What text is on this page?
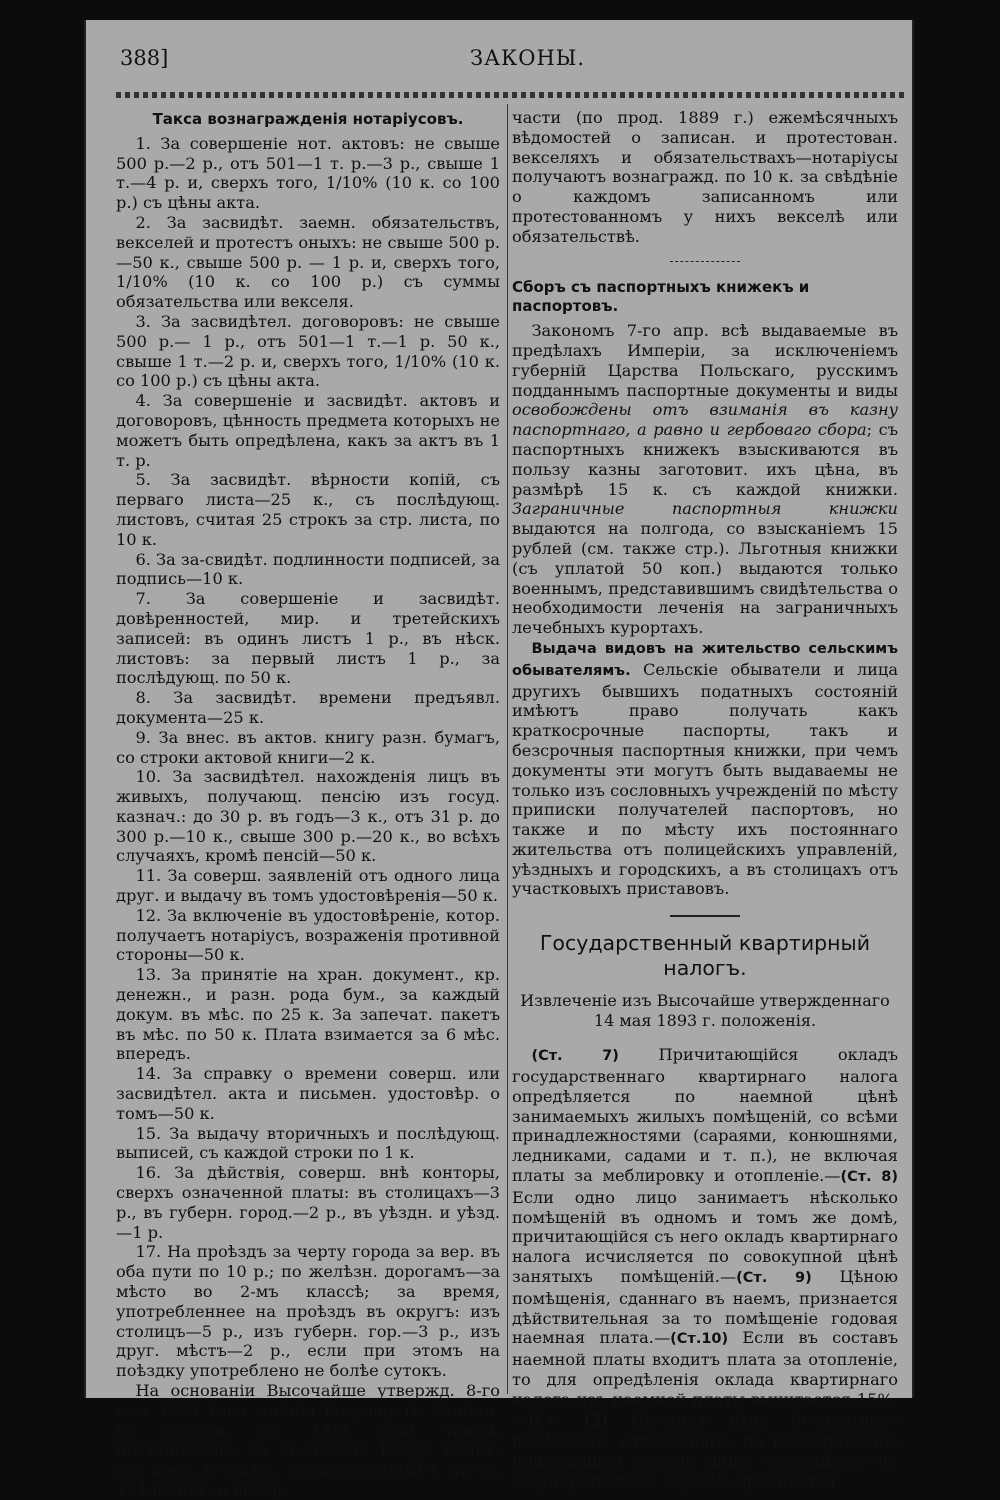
388]	ЗАКОНЫ.
Такса вознагражденія нотаріусовъ.

1. За совершеніе нот. актовъ: не свыше 500 р.—2 р., отъ 501—1 т. р.—3 р., свыше 1 т.—4 р. и, сверхъ того, 1/10% (10 к. со 100 р.) съ цѣны акта.

2. За засвидѣт. заемн. обязательствъ, векселей и протестъ оныхъ: не свыше 500 р.—50 к., свыше 500 р. — 1 р. и, сверхъ того, 1/10% (10 к. со 100 р.) съ суммы обязательства или векселя.

3. За засвидѣтел. договоровъ: не свыше 500 р.— 1 р., отъ 501—1 т.—1 р. 50 к., свыше 1 т.—2 р. и, сверхъ того, 1/10% (10 к. со 100 р.) съ цѣны акта.

4. За совершеніе и засвидѣт. актовъ и договоровъ, цѣнность предмета которыхъ не можетъ быть опредѣлена, какъ за актъ въ 1 т. р.

5. За засвидѣт. вѣрности копій, съ перваго листа—25 к., съ послѣдующ. листовъ, считая 25 строкъ за стр. листа, по 10 к.

6. За за-свидѣт. подлинности подписей, за подпись—10 к.

7. За совершеніе и засвидѣт. довѣренностей, мир. и третейскихъ записей: въ одинъ листъ 1 р., въ нѣск. листовъ: за первый листъ 1 р., за послѣдующ. по 50 к.

8. За засвидѣт. времени предъявл. документа—25 к.

9. За внес. въ актов. книгу разн. бумагъ, со строки актовой книги—2 к.

10. За засвидѣтел. нахожденія лицъ въ живыхъ, получающ. пенсію изъ госуд. казнач.: до 30 р. въ годъ—3 к., отъ 31 р. до 300 р.—10 к., свыше 300 р.—20 к., во всѣхъ случаяхъ, кромѣ пенсій—50 к.

11. За соверш. заявленій отъ одного лица друг. и выдачу въ томъ удостовѣренія—50 к.

12. За включеніе въ удостовѣреніе, котор. получаетъ нотаріусъ, возраженія противной стороны—50 к.

13. За принятіе на хран. документ., кр. денежн., и разн. рода бум., за каждый докум. въ мѣс. по 25 к. За запечат. пакетъ въ мѣс. по 50 к. Плата взимается за 6 мѣс. впередъ.

14. За справку о времени соверш. или засвидѣтел. акта и письмен. удостовѣр. о томъ—50 к.

15. За выдачу вторичныхъ и послѣдующ. выписей, съ каждой строки по 1 к.

16. За дѣйствія, соверш. внѣ конторы, сверхъ означенной платы: въ столицахъ—3 р., въ губерн. город.—2 р., въ уѣздн. и уѣзд.—1 р.

17. На проѣздъ за черту города за вер. въ оба пути по 10 р.; по желѣзн. дорогамъ—за мѣсто во 2-мъ классѣ; за время, употребленнее на проѣздъ въ округъ: изъ столицъ—5 р., изъ губерн. гор.—3 р., изъ друг. мѣстъ—2 р., если при этомъ на поѣздку употреблено не болѣе сутокъ.

На основаніи Высочайше утвержд. 8-го мая 1890 года мнѣнія Государств. Совѣта, въ дополн. ст. 14-й этой таксы, постановлено: за сообщеніе Госуд. банку, его конт. и отдѣл., согласно примѣч. къ ст. 124 полож. о нотар.

части (по прод. 1889 г.) ежемѣсячныхъ вѣдомостей о записан. и протестован. векселяхъ и обязательствахъ—нотаріусы получаютъ вознагражд. по 10 к. за свѣдѣніе о каждомъ записанномъ или протестованномъ у нихъ векселѣ или обязательствѣ.

Сборъ съ паспортныхъ книжекъ и паспортовъ.

Закономъ 7-го апр. всѣ выдаваемые въ предѣлахъ Имперіи, за исключеніемъ губерній Царства Польскаго, русскимъ подданнымъ паспортные документы и виды освобождены отъ взиманія въ казну паспортнаго, а равно и гербоваго сбора; съ паспортныхъ книжекъ взыскиваются въ пользу казны заготовит. ихъ цѣна, въ размѣрѣ 15 к. съ каждой книжки. Заграничные паспортныя книжки выдаются на полгода, со взысканіемъ 15 рублей (см. также стр.). Льготныя книжки (съ уплатой 50 коп.) выдаются только военнымъ, представившимъ свидѣтельства о необходимости леченія на заграничныхъ лечебныхъ курортахъ.

Выдача видовъ на жительство сельскимъ обывателямъ. Сельскіе обыватели и лица другихъ бывшихъ податныхъ состояній имѣютъ право получать какъ краткосрочные паспорты, такъ и безсрочныя паспортныя книжки, при чемъ документы эти могутъ быть выдаваемы не только изъ сословныхъ учрежденій по мѣсту приписки получателей паспортовъ, но также и по мѣсту ихъ постояннаго жительства отъ полицейскихъ управленій, уѣздныхъ и городскихъ, а въ столицахъ отъ участковыхъ приставовъ.

Государственный квартирный налогъ.
Извлеченіе изъ Высочайше утвержденнаго 14 мая 1893 г. положенія.

(Ст. 7) Причитающійся окладъ государственнаго квартирнаго налога опредѣляется по наемной цѣнѣ занимаемыхъ жилыхъ помѣщеній, со всѣми принадлежностями (сараями, конюшнями, ледниками, садами и т. п.), не включая платы за меблировку и отопленіе.—(Ст. 8) Если одно лицо занимаетъ нѣсколько помѣщеній въ одномъ и томъ же домѣ, причитающійся съ него окладъ квартирнаго налога исчисляется по совокупной цѣнѣ занятыхъ помѣщеній.—(Ст. 9) Цѣною помѣщенія, сданнаго въ наемъ, признается дѣйствительная за то помѣщеніе годовая наемная плата.—(Ст.10) Если въ составъ наемной платы входитъ плата за отопленіе, то для опредѣленія оклада квартирнаго налога изъ наемной платы вычитается 15%.—(Ст. 12) Наемная цѣна безплатнаго помѣщенія, отведеннаго, по распоряженію подлежащей власти, лицу, состоящему на государственной службѣ, признается
